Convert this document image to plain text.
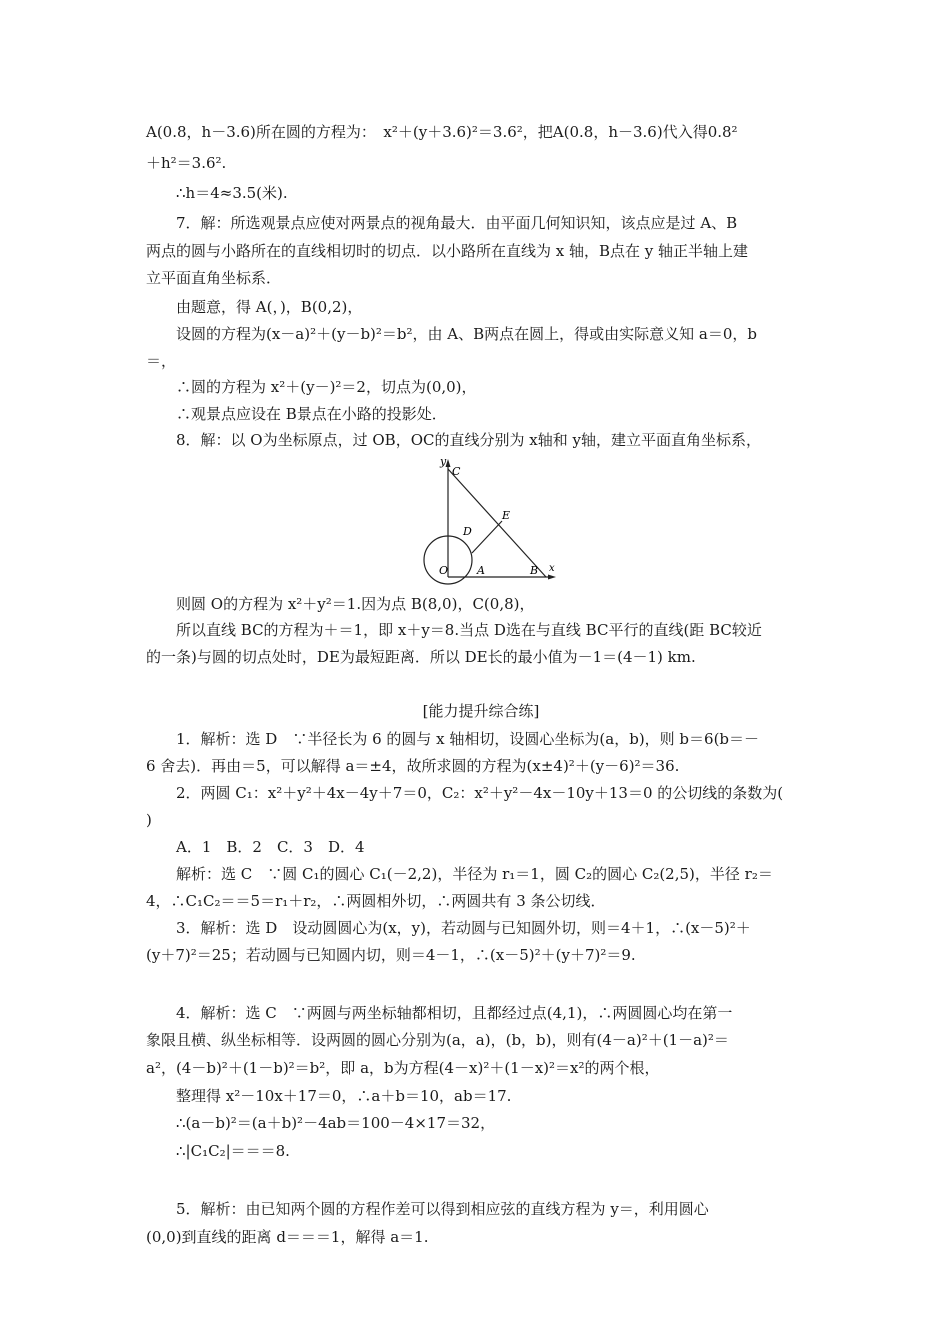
A(0.8，h－3.6)所在圆的方程为：　x²＋(y＋3.6)²＝3.6²，把A(0.8，h－3.6)代入得0.8²
＋h²＝3.6².
∴h＝4≈3.5(米).
7．解：所选观景点应使对两景点的视角最大．由平面几何知识知，该点应是过 A、B
两点的圆与小路所在的直线相切时的切点．以小路所在直线为 x 轴，B点在 y 轴正半轴上建
立平面直角坐标系．
由题意，得 A(，)，B(0,2)，
设圆的方程为(x－a)²＋(y－b)²＝b²，由 A、B两点在圆上，得或由实际意义知 a＝0，b
＝，
∴圆的方程为 x²＋(y－)²＝2，切点为(0,0)，
∴观景点应设在 B景点在小路的投影处．
8．解：以 O为坐标原点，过 OB，OC的直线分别为 x轴和 y轴，建立平面直角坐标系，
y
C
E
D
O	A	B x
则圆 O的方程为 x²＋y²＝1.因为点 B(8,0)，C(0,8)，
所以直线 BC的方程为＋＝1，即 x＋y＝8.当点 D选在与直线 BC平行的直线(距 BC较近
的一条)与圆的切点处时，DE为最短距离．所以 DE长的最小值为－1＝(4－1) km.
[能力提升综合练]
1．解析：选 D　∵半径长为 6 的圆与 x 轴相切，设圆心坐标为(a，b)，则 b＝6(b＝－
6 舍去)．再由＝5，可以解得 a＝±4，故所求圆的方程为(x±4)²＋(y－6)²＝36.
2．两圆 C₁：x²＋y²＋4x－4y＋7＝0，C₂：x²＋y²－4x－10y＋13＝0 的公切线的条数为(
)
A．1　B．2　C．3　D．4
解析：选 C　∵圆 C₁的圆心 C₁(－2,2)，半径为 r₁＝1，圆 C₂的圆心 C₂(2,5)，半径 r₂＝
4，∴C₁C₂＝＝5＝r₁＋r₂，∴两圆相外切，∴两圆共有 3 条公切线．
3．解析：选 D　设动圆圆心为(x，y)，若动圆与已知圆外切，则＝4＋1，∴(x－5)²＋
(y＋7)²＝25；若动圆与已知圆内切，则＝4－1，∴(x－5)²＋(y＋7)²＝9.
4．解析：选 C　∵两圆与两坐标轴都相切，且都经过点(4,1)，∴两圆圆心均在第一
象限且横、纵坐标相等．设两圆的圆心分别为(a，a)，(b，b)，则有(4－a)²＋(1－a)²＝
a²，(4－b)²＋(1－b)²＝b²，即 a，b为方程(4－x)²＋(1－x)²＝x²的两个根，
整理得 x²－10x＋17＝0，∴a＋b＝10，ab＝17.
∴(a－b)²＝(a＋b)²－4ab＝100－4×17＝32，
∴|C₁C₂|＝＝＝8.
5．解析：由已知两个圆的方程作差可以得到相应弦的直线方程为 y＝，利用圆心
(0,0)到直线的距离 d＝＝＝1，解得 a＝1.
